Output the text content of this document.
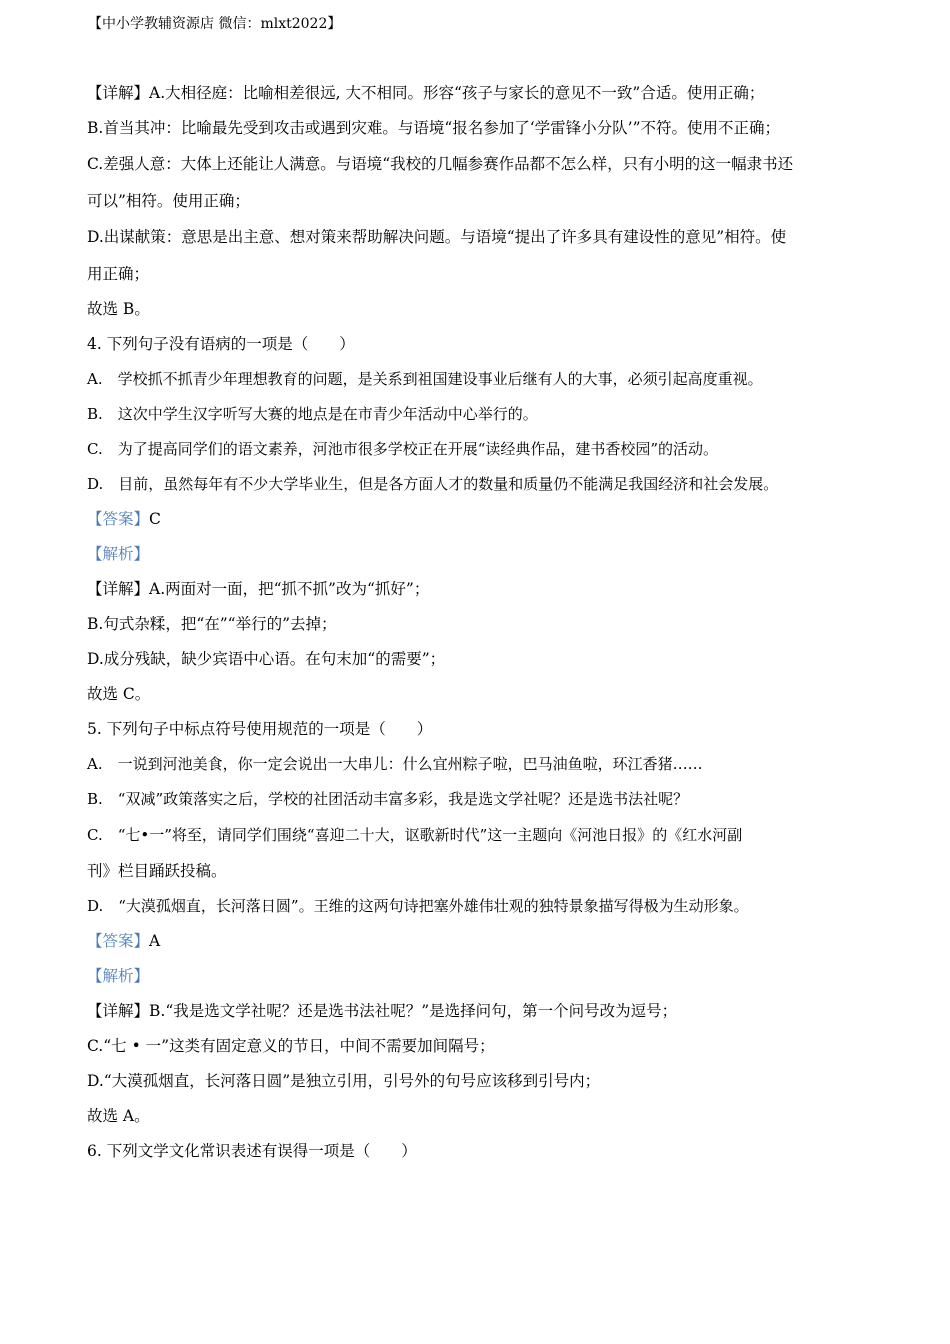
【中小学教辅资源店 微信：mlxt2022】
【详解】A.大相径庭：比喻相差很远, 大不相同。形容“孩子与家长的意见不一致”合适。使用正确；
B.首当其冲：比喻最先受到攻击或遇到灾难。与语境“报名参加了‘学雷锋小分队’”不符。使用不正确；
C.差强人意：大体上还能让人满意。与语境“我校的几幅参赛作品都不怎么样，只有小明的这一幅隶书还
可以”相符。使用正确；
D.出谋献策：意思是出主意、想对策来帮助解决问题。与语境“提出了许多具有建设性的意见”相符。使
用正确；
故选 B。
4. 下列句子没有语病的一项是（　　）
A.　学校抓不抓青少年理想教育的问题，是关系到祖国建设事业后继有人的大事，必须引起高度重视。
B.　这次中学生汉字听写大赛的地点是在市青少年活动中心举行的。
C.　为了提高同学们的语文素养，河池市很多学校正在开展“读经典作品，建书香校园”的活动。
D.　目前，虽然每年有不少大学毕业生，但是各方面人才的数量和质量仍不能满足我国经济和社会发展。
【答案】C
【解析】
【详解】A.两面对一面，把“抓不抓”改为“抓好”；
B.句式杂糅，把“在”“举行的”去掉；
D.成分残缺，缺少宾语中心语。在句末加“的需要”；
故选 C。
5. 下列句子中标点符号使用规范的一项是（　　）
A.　一说到河池美食，你一定会说出一大串儿：什么宜州粽子啦，巴马油鱼啦，环江香猪……
B.　“双减”政策落实之后，学校的社团活动丰富多彩，我是选文学社呢？还是选书法社呢？
C.　“七•一”将至，请同学们围绕“喜迎二十大，讴歌新时代”这一主题向《河池日报》的《红水河副
刊》栏目踊跃投稿。
D.　“大漠孤烟直，长河落日圆”。王维的这两句诗把塞外雄伟壮观的独特景象描写得极为生动形象。
【答案】A
【解析】
【详解】B.“我是选文学社呢？还是选书法社呢？”是选择问句，第一个问号改为逗号；
C.“七 • 一”这类有固定意义的节日，中间不需要加间隔号；
D.“大漠孤烟直，长河落日圆”是独立引用，引号外的句号应该移到引号内；
故选 A。
6. 下列文学文化常识表述有误得一项是（　　）
